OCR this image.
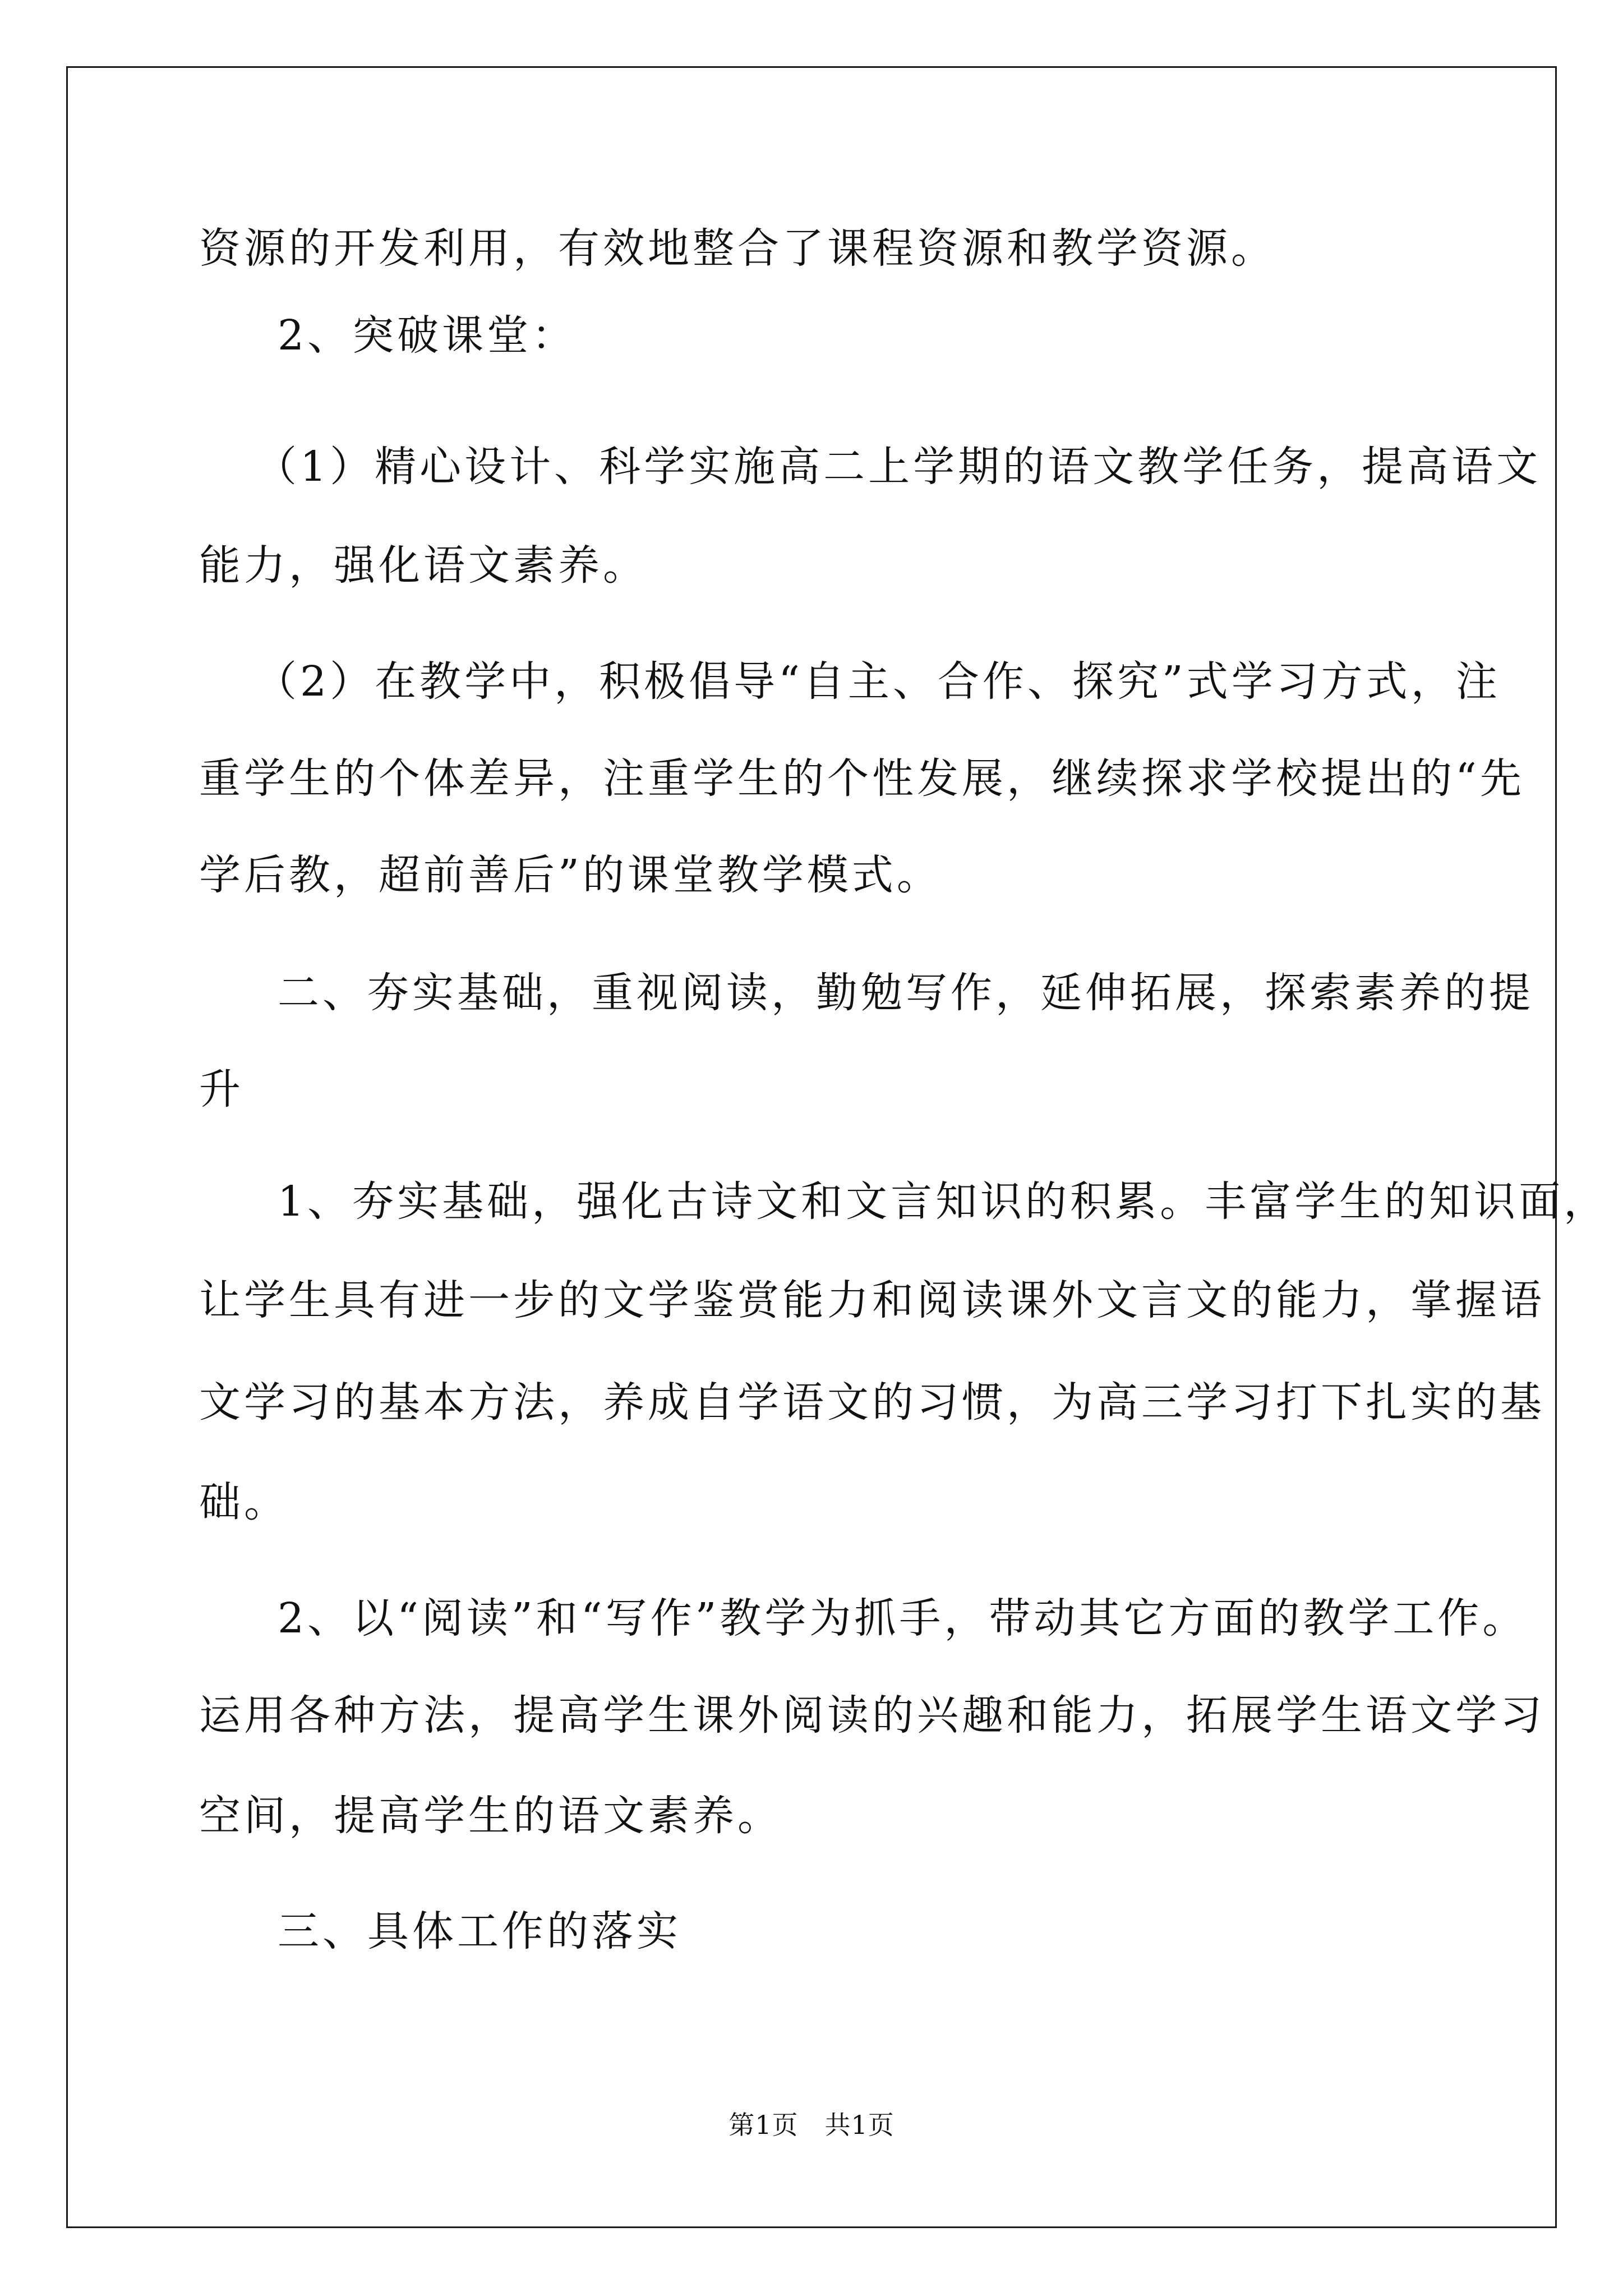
资源的开发利用，有效地整合了课程资源和教学资源。
2、突破课堂：
（1）精心设计、科学实施高二上学期的语文教学任务，提高语文
能力，强化语文素养。
（2）在教学中，积极倡导“自主、合作、探究”式学习方式，注
重学生的个体差异，注重学生的个性发展，继续探求学校提出的“先
学后教，超前善后”的课堂教学模式。
二、夯实基础，重视阅读，勤勉写作，延伸拓展，探索素养的提
升
1、夯实基础，强化古诗文和文言知识的积累。丰富学生的知识面，
让学生具有进一步的文学鉴赏能力和阅读课外文言文的能力，掌握语
文学习的基本方法，养成自学语文的习惯，为高三学习打下扎实的基
础。
2、以“阅读”和“写作”教学为抓手，带动其它方面的教学工作。
运用各种方法，提高学生课外阅读的兴趣和能力，拓展学生语文学习
空间，提高学生的语文素养。
三、具体工作的落实
第1页　共1页
